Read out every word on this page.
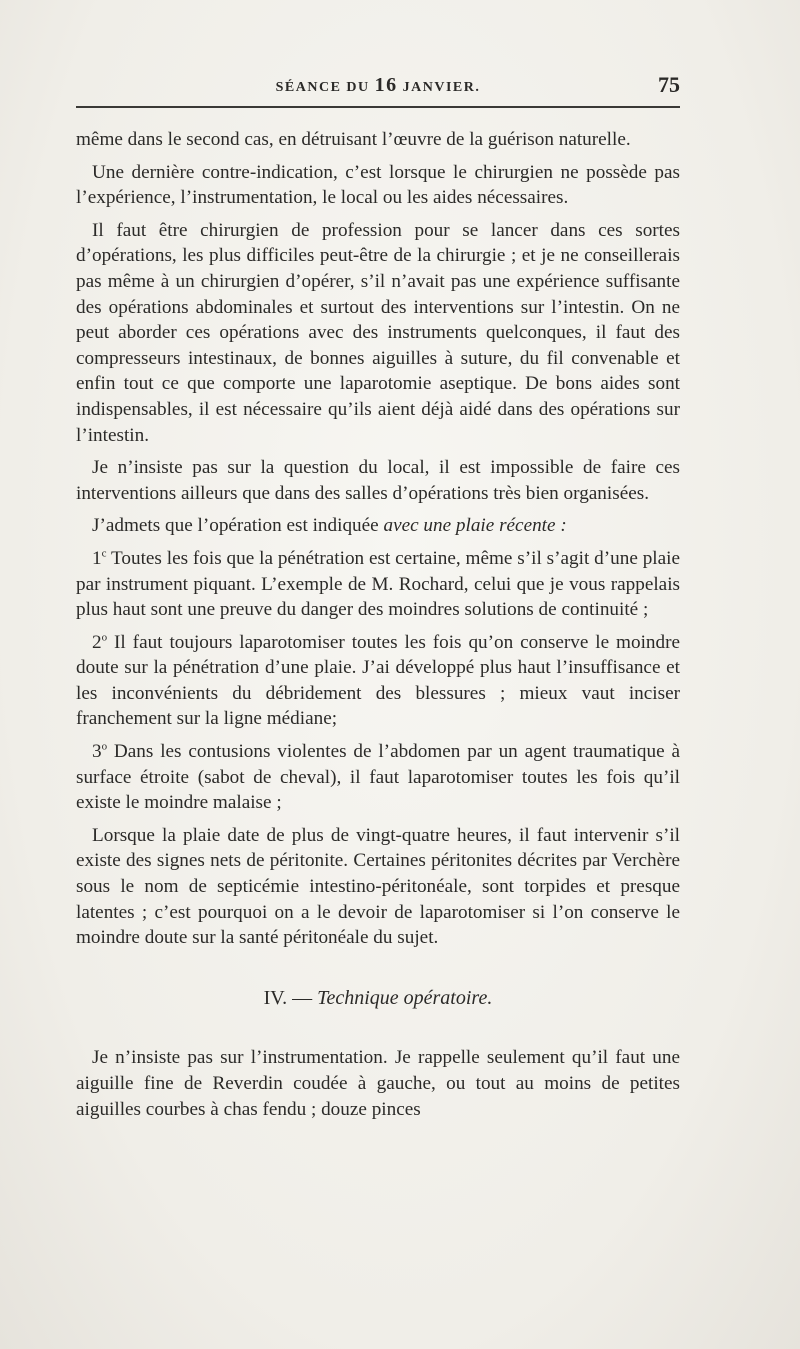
SÉANCE DU 16 JANVIER.	75

même dans le second cas, en détruisant l’œuvre de la guérison naturelle.

Une dernière contre-indication, c’est lorsque le chirurgien ne possède pas l’expérience, l’instrumentation, le local ou les aides nécessaires.

Il faut être chirurgien de profession pour se lancer dans ces sortes d’opérations, les plus difficiles peut-être de la chirurgie ; et je ne conseillerais pas même à un chirurgien d’opérer, s’il n’avait pas une expérience suffisante des opérations abdominales et surtout des interventions sur l’intestin. On ne peut aborder ces opérations avec des instruments quelconques, il faut des compresseurs intestinaux, de bonnes aiguilles à suture, du fil convenable et enfin tout ce que comporte une laparotomie aseptique. De bons aides sont indispensables, il est nécessaire qu’ils aient déjà aidé dans des opérations sur l’intestin.

Je n’insiste pas sur la question du local, il est impossible de faire ces interventions ailleurs que dans des salles d’opérations très bien organisées.

J’admets que l’opération est indiquée avec une plaie récente :

1$^c$ Toutes les fois que la pénétration est certaine, même s’il s’agit d’une plaie par instrument piquant. L’exemple de M. Rochard, celui que je vous rappelais plus haut sont une preuve du danger des moindres solutions de continuité ;

2$^o$ Il faut toujours laparotomiser toutes les fois qu’on conserve le moindre doute sur la pénétration d’une plaie. J’ai développé plus haut l’insuffisance et les inconvénients du débridement des blessures ; mieux vaut inciser franchement sur la ligne médiane;

3$^o$ Dans les contusions violentes de l’abdomen par un agent traumatique à surface étroite (sabot de cheval), il faut laparotomiser toutes les fois qu’il existe le moindre malaise ;

Lorsque la plaie date de plus de vingt-quatre heures, il faut intervenir s’il existe des signes nets de péritonite. Certaines péritonites décrites par Verchère sous le nom de septicémie intestino-péritonéale, sont torpides et presque latentes ; c’est pourquoi on a le devoir de laparotomiser si l’on conserve le moindre doute sur la santé péritonéale du sujet.

IV. — Technique opératoire.

Je n’insiste pas sur l’instrumentation. Je rappelle seulement qu’il faut une aiguille fine de Reverdin coudée à gauche, ou tout au moins de petites aiguilles courbes à chas fendu ; douze pinces
